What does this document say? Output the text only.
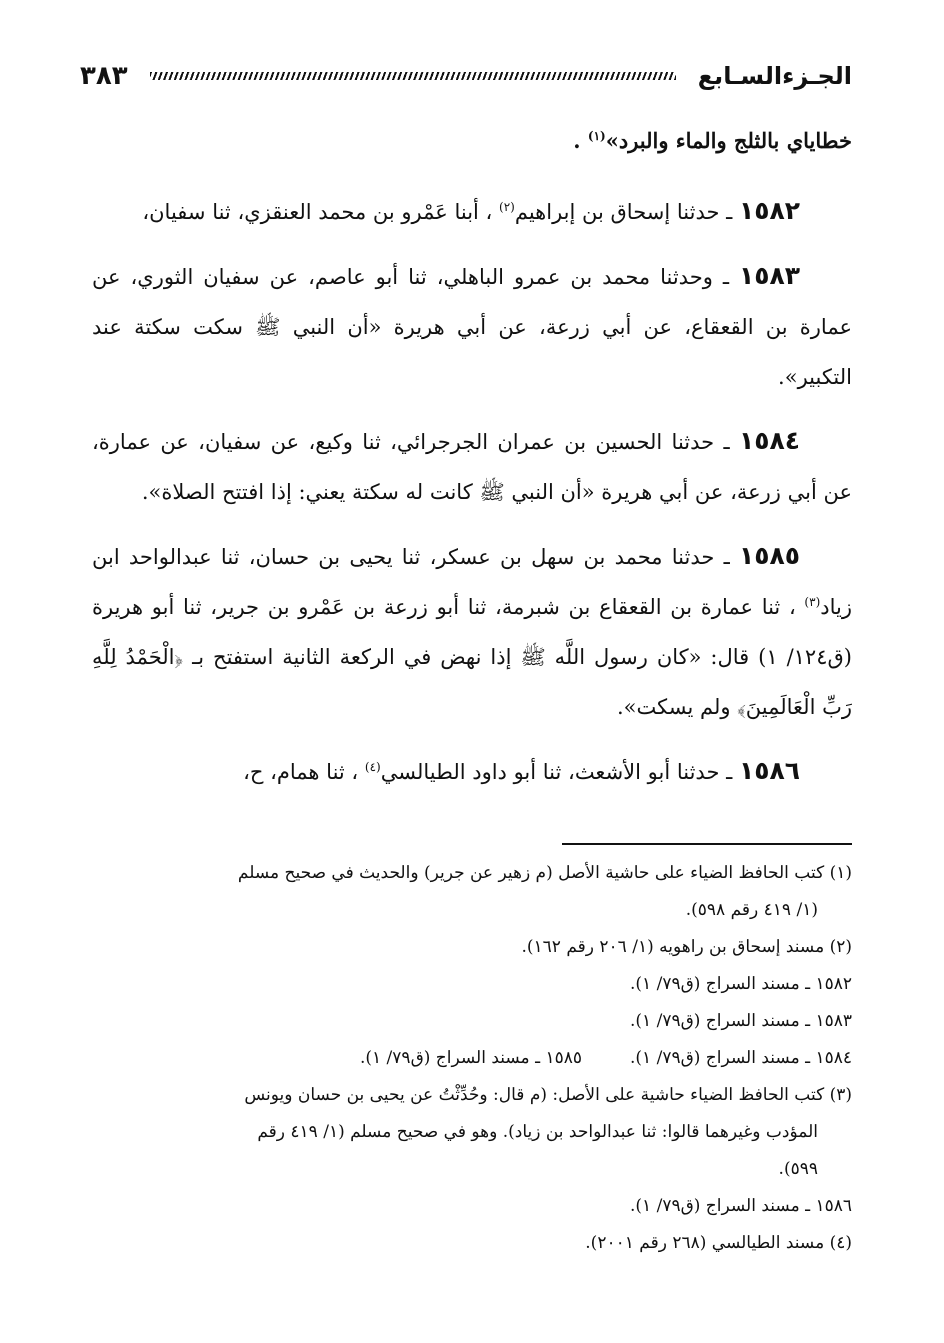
الجـزءالسـابع
٣٨٣

خطاياي بالثلج والماء والبرد»$^{(١)}$ .

١٥٨٢ ـ حدثنا إسحاق بن إبراهيم$^{(٢)}$ ، أبنا عَمْرو بن محمد العنقزي، ثنا سفيان،

١٥٨٣ ـ وحدثنا محمد بن عمرو الباهلي، ثنا أبو عاصم، عن سفيان الثوري، عن عمارة بن القعقاع، عن أبي زرعة، عن أبي هريرة «أن النبي ﷺ سكت سكتة عند التكبير».

١٥٨٤ ـ حدثنا الحسين بن عمران الجرجرائي، ثنا وكيع، عن سفيان، عن عمارة، عن أبي زرعة، عن أبي هريرة «أن النبي ﷺ كانت له سكتة يعني: إذا افتتح الصلاة».

١٥٨٥ ـ حدثنا محمد بن سهل بن عسكر، ثنا يحيى بن حسان، ثنا عبدالواحد ابن زياد$^{(٣)}$ ، ثنا عمارة بن القعقاع بن شبرمة، ثنا أبو زرعة بن عَمْرو بن جرير، ثنا أبو هريرة (ق١٢٤/ ١) قال: «كان رسول اللَّه ﷺ إذا نهض في الركعة الثانية استفتح بـ ﴿الْحَمْدُ لِلَّهِ رَبِّ الْعَالَمِينَ﴾ ولم يسكت».

١٥٨٦ ـ حدثنا أبو الأشعث، ثنا أبو داود الطيالسي$^{(٤)}$ ، ثنا همام، ح،

(١) كتب الحافظ الضياء على حاشية الأصل (م زهير عن جرير) والحديث في صحيح مسلم
(١/ ٤١٩ رقم ٥٩٨).

(٢) مسند إسحاق بن راهويه (١/ ٢٠٦ رقم ١٦٢).

١٥٨٢ ـ مسند السراج (ق٧٩/ ١).

١٥٨٣ ـ مسند السراج (ق٧٩/ ١).

١٥٨٤ ـ مسند السراج (ق٧٩/ ١).
١٥٨٥ ـ مسند السراج (ق٧٩/ ١).

(٣) كتب الحافظ الضياء حاشية على الأصل: (م قال: وحُدِّثْتُ عن يحيى بن حسان ويونس
المؤدب وغيرهما قالوا: ثنا عبدالواحد بن زياد). وهو في صحيح مسلم (١/ ٤١٩ رقم
٥٩٩).

١٥٨٦ ـ مسند السراج (ق٧٩/ ١).

(٤) مسند الطيالسي (٢٦٨ رقم ٢٠٠١).
